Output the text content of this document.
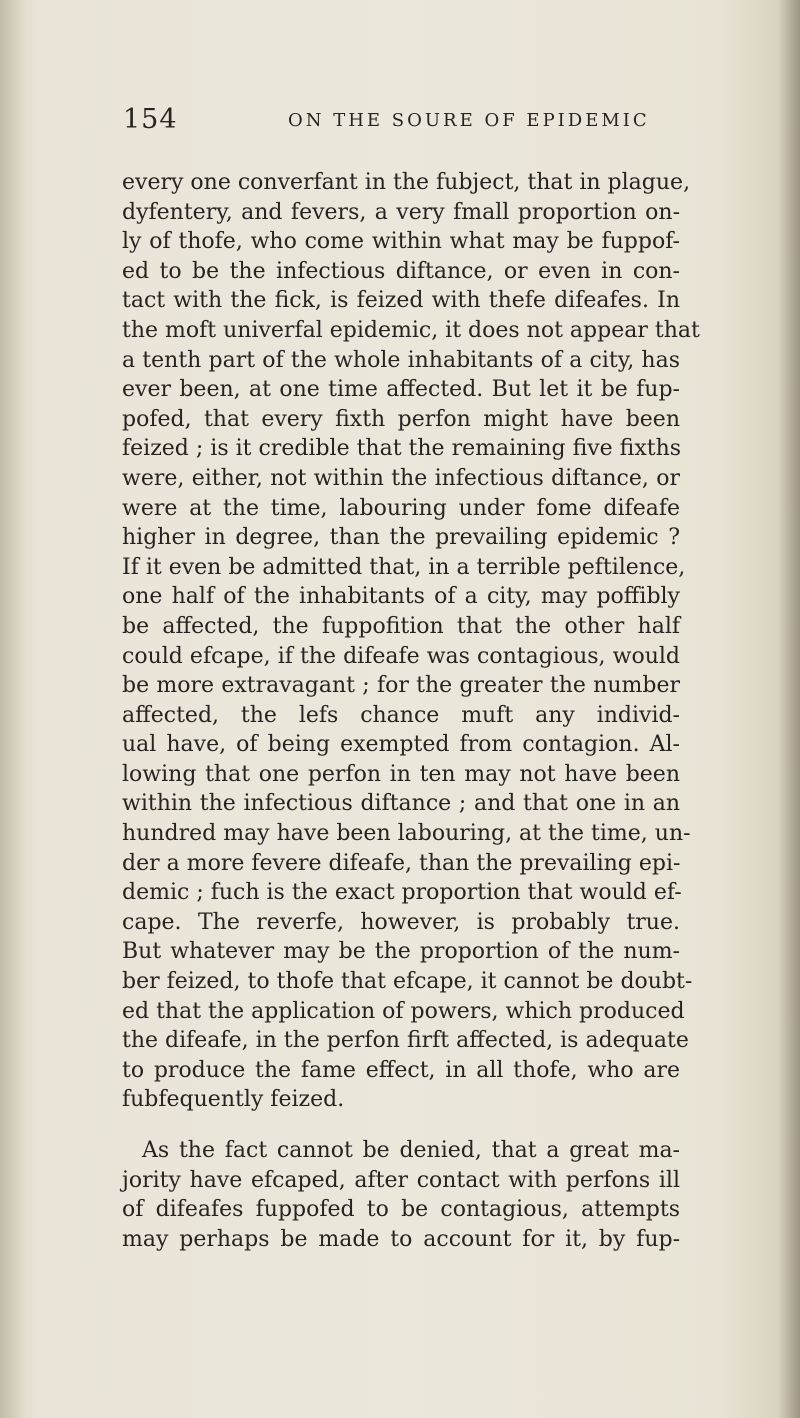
154	ON THE SOURE OF EPIDEMIC
every one converfant in the fubject, that in plague,
dyfentery, and fevers, a very fmall proportion on-
ly of thofe, who come within what may be fuppof-
ed to be the infectious diftance, or even in con-
tact with the fick, is feized with thefe difeafes. In
the moft univerfal epidemic, it does not appear that
a tenth part of the whole inhabitants of a city, has
ever been, at one time affected. But let it be fup-
pofed, that every fixth perfon might have been
feized ; is it credible that the remaining five fixths
were, either, not within the infectious diftance, or
were at the time, labouring under fome difeafe
higher in degree, than the prevailing epidemic ?
If it even be admitted that, in a terrible peftilence,
one half of the inhabitants of a city, may poffibly
be affected, the fuppofition that the other half
could efcape, if the difeafe was contagious, would
be more extravagant ; for the greater the number
affected, the lefs chance muft any individ-
ual have, of being exempted from contagion. Al-
lowing that one perfon in ten may not have been
within the infectious diftance ; and that one in an
hundred may have been labouring, at the time, un-
der a more fevere difeafe, than the prevailing epi-
demic ; fuch is the exact proportion that would ef-
cape. The reverfe, however, is probably true.
But whatever may be the proportion of the num-
ber feized, to thofe that efcape, it cannot be doubt-
ed that the application of powers, which produced
the difeafe, in the perfon firft affected, is adequate
to produce the fame effect, in all thofe, who are
fubfequently feized.
As the fact cannot be denied, that a great ma-
jority have efcaped, after contact with perfons ill
of difeafes fuppofed to be contagious, attempts
may perhaps be made to account for it, by fup-
